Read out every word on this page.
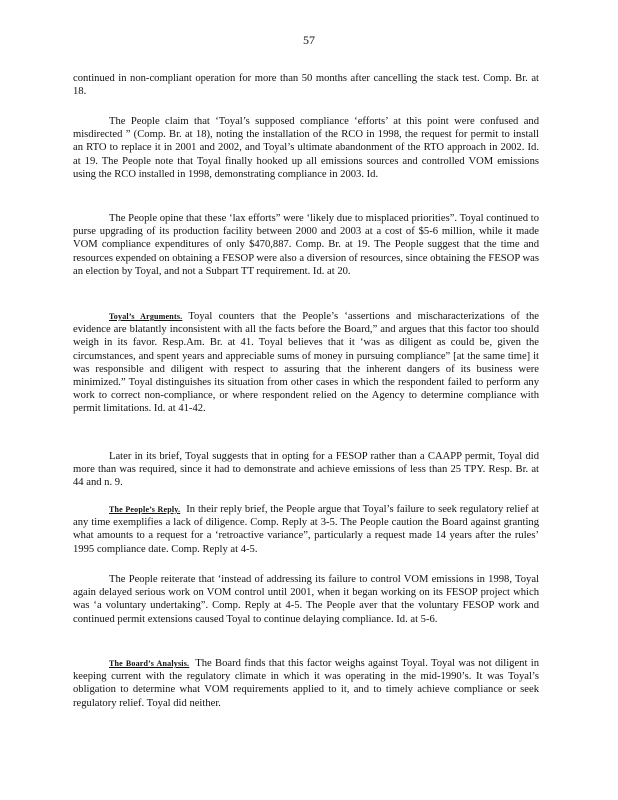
57

continued in non-compliant operation for more than 50 months after cancelling the stack test. Comp. Br. at 18.

The People claim that ‘Toyal’s supposed compliance ‘efforts’ at this point were confused and misdirected ” (Comp. Br. at 18), noting the installation of the RCO in 1998, the request for permit to install an RTO to replace it in 2001 and 2002, and Toyal’s ultimate abandonment of the RTO approach in 2002. Id. at 19. The People note that Toyal finally hooked up all emissions sources and controlled VOM emissions using the RCO installed in 1998, demonstrating compliance in 2003. Id.

The People opine that these ‘lax efforts” were ‘likely due to misplaced priorities”. Toyal continued to purse upgrading of its production facility between 2000 and 2003 at a cost of $5-6 million, while it made VOM compliance expenditures of only $470,887. Comp. Br. at 19. The People suggest that the time and resources expended on obtaining a FESOP were also a diversion of resources, since obtaining the FESOP was an election by Toyal, and not a Subpart TT requirement. Id. at 20.

Toyal’s Arguments. Toyal counters that the People’s ‘assertions and mischaracterizations of the evidence are blatantly inconsistent with all the facts before the Board,” and argues that this factor too should weigh in its favor. Resp.Am. Br. at 41. Toyal believes that it ‘was as diligent as could be, given the circumstances, and spent years and appreciable sums of money in pursuing compliance” [at the same time] it was responsible and diligent with respect to assuring that the inherent dangers of its business were minimized.” Toyal distinguishes its situation from other cases in which the respondent failed to perform any work to correct non-compliance, or where respondent relied on the Agency to determine compliance with permit limitations. Id. at 41-42.

Later in its brief, Toyal suggests that in opting for a FESOP rather than a CAAPP permit, Toyal did more than was required, since it had to demonstrate and achieve emissions of less than 25 TPY. Resp. Br. at 44 and n. 9.

The People’s Reply. In their reply brief, the People argue that Toyal’s failure to seek regulatory relief at any time exemplifies a lack of diligence. Comp. Reply at 3-5. The People caution the Board against granting what amounts to a request for a ‘retroactive variance”, particularly a request made 14 years after the rules’ 1995 compliance date. Comp. Reply at 4-5.

The People reiterate that ‘instead of addressing its failure to control VOM emissions in 1998, Toyal again delayed serious work on VOM control until 2001, when it began working on its FESOP project which was ‘a voluntary undertaking”. Comp. Reply at 4-5. The People aver that the voluntary FESOP work and continued permit extensions caused Toyal to continue delaying compliance. Id. at 5-6.

The Board’s Analysis. The Board finds that this factor weighs against Toyal. Toyal was not diligent in keeping current with the regulatory climate in which it was operating in the mid-1990’s. It was Toyal’s obligation to determine what VOM requirements applied to it, and to timely achieve compliance or seek regulatory relief. Toyal did neither.
